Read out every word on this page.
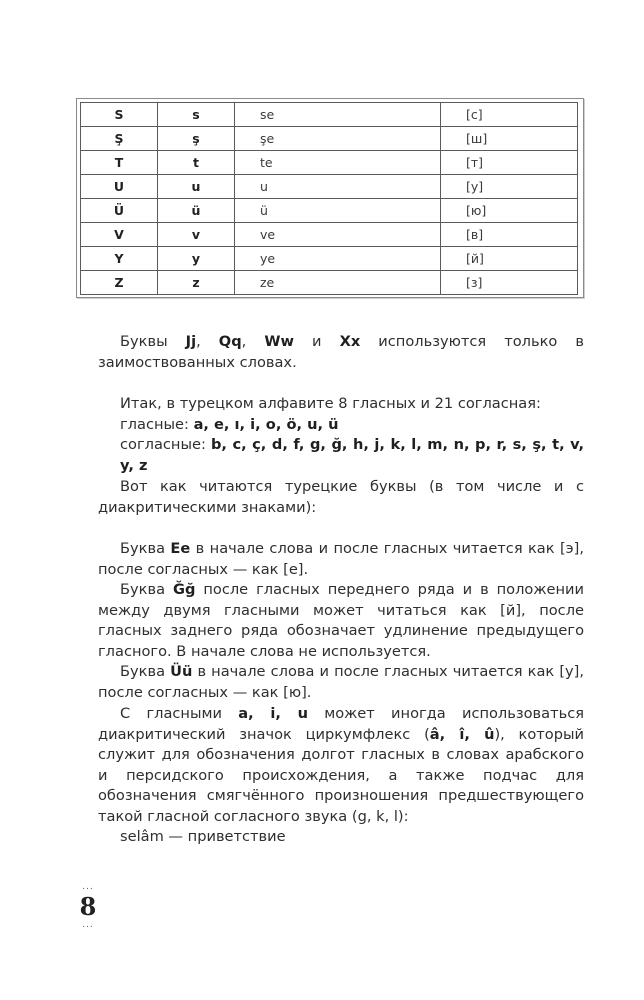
S	s	se	[с]
Ş	ş	şe	[ш]
T	t	te	[т]
U	u	u	[у]
Ü	ü	ü	[ю]
V	v	ve	[в]
Y	y	ye	[й]
Z	z	ze	[з]

Буквы Jj, Qq, Ww и Xx используются только в заимоствованных словах.

Итак, в турецком алфавите 8 гласных и 21 согласная:
гласные: a, e, ı, i, o, ö, u, ü
согласные: b, c, ç, d, f, g, ğ, h, j, k, l, m, n, p, r, s, ş, t, v, y, z

Вот как читаются турецкие буквы (в том числе и с диакритическими знаками):

Буква Ee в начале слова и после гласных читается как [э], после согласных — как [е].

Буква Ğğ после гласных переднего ряда и в положении между двумя гласными может читаться как [й], после гласных заднего ряда обозначает удлинение предыдущего гласного. В начале слова не используется.

Буква Üü в начале слова и после гласных читается как [у], после согласных — как [ю].

С гласными a, i, u может иногда использоваться диакритический значок циркумфлекс (â, î, û), который служит для обозначения долгот гласных в словах арабского и персидского происхождения, а также подчас для обозначения смягчённого произношения предшествующего такой гласной согласного звука (g, k, l):

selâm — приветствие

...
8
...
